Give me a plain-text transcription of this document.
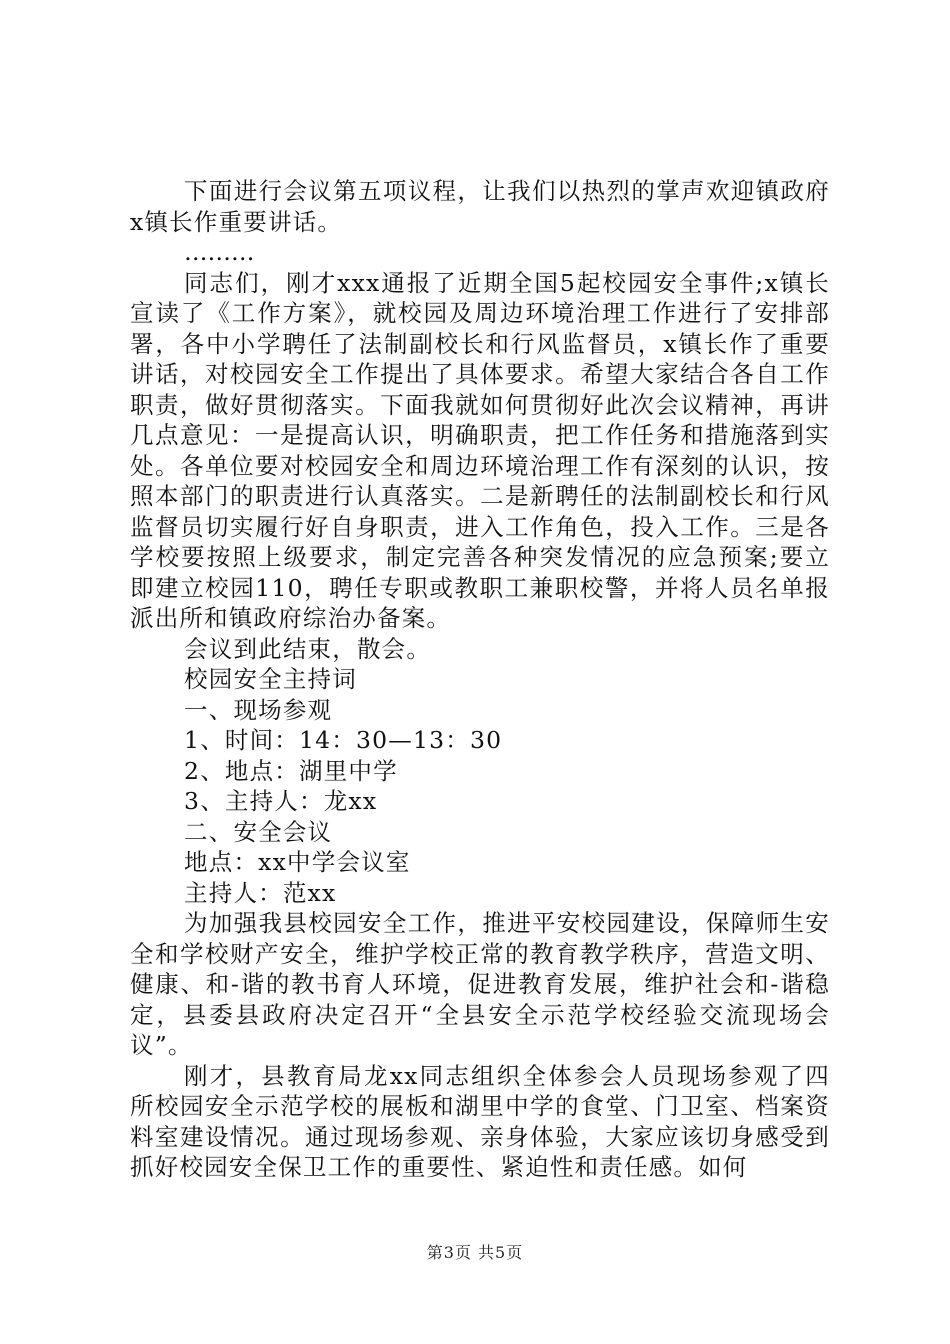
下面进行会议第五项议程，让我们以热烈的掌声欢迎镇政府x镇长作重要讲话。

………

同志们，刚才xxx通报了近期全国5起校园安全事件;x镇长宣读了《工作方案》，就校园及周边环境治理工作进行了安排部署，各中小学聘任了法制副校长和行风监督员，x镇长作了重要讲话，对校园安全工作提出了具体要求。希望大家结合各自工作职责，做好贯彻落实。下面我就如何贯彻好此次会议精神，再讲几点意见：一是提高认识，明确职责，把工作任务和措施落到实处。各单位要对校园安全和周边环境治理工作有深刻的认识，按照本部门的职责进行认真落实。二是新聘任的法制副校长和行风监督员切实履行好自身职责，进入工作角色，投入工作。三是各学校要按照上级要求，制定完善各种突发情况的应急预案;要立即建立校园110，聘任专职或教职工兼职校警，并将人员名单报派出所和镇政府综治办备案。

会议到此结束，散会。

校园安全主持词

一、现场参观

1、时间：14：30—13：30

2、地点：湖里中学

3、主持人：龙xx

二、安全会议

地点：xx中学会议室

主持人：范xx

为加强我县校园安全工作，推进平安校园建设，保障师生安全和学校财产安全，维护学校正常的教育教学秩序，营造文明、健康、和-谐的教书育人环境，促进教育发展，维护社会和-谐稳定，县委县政府决定召开“全县安全示范学校经验交流现场会议”。

刚才，县教育局龙xx同志组织全体参会人员现场参观了四所校园安全示范学校的展板和湖里中学的食堂、门卫室、档案资料室建设情况。通过现场参观、亲身体验，大家应该切身感受到抓好校园安全保卫工作的重要性、紧迫性和责任感。如何

第3页 共5页
